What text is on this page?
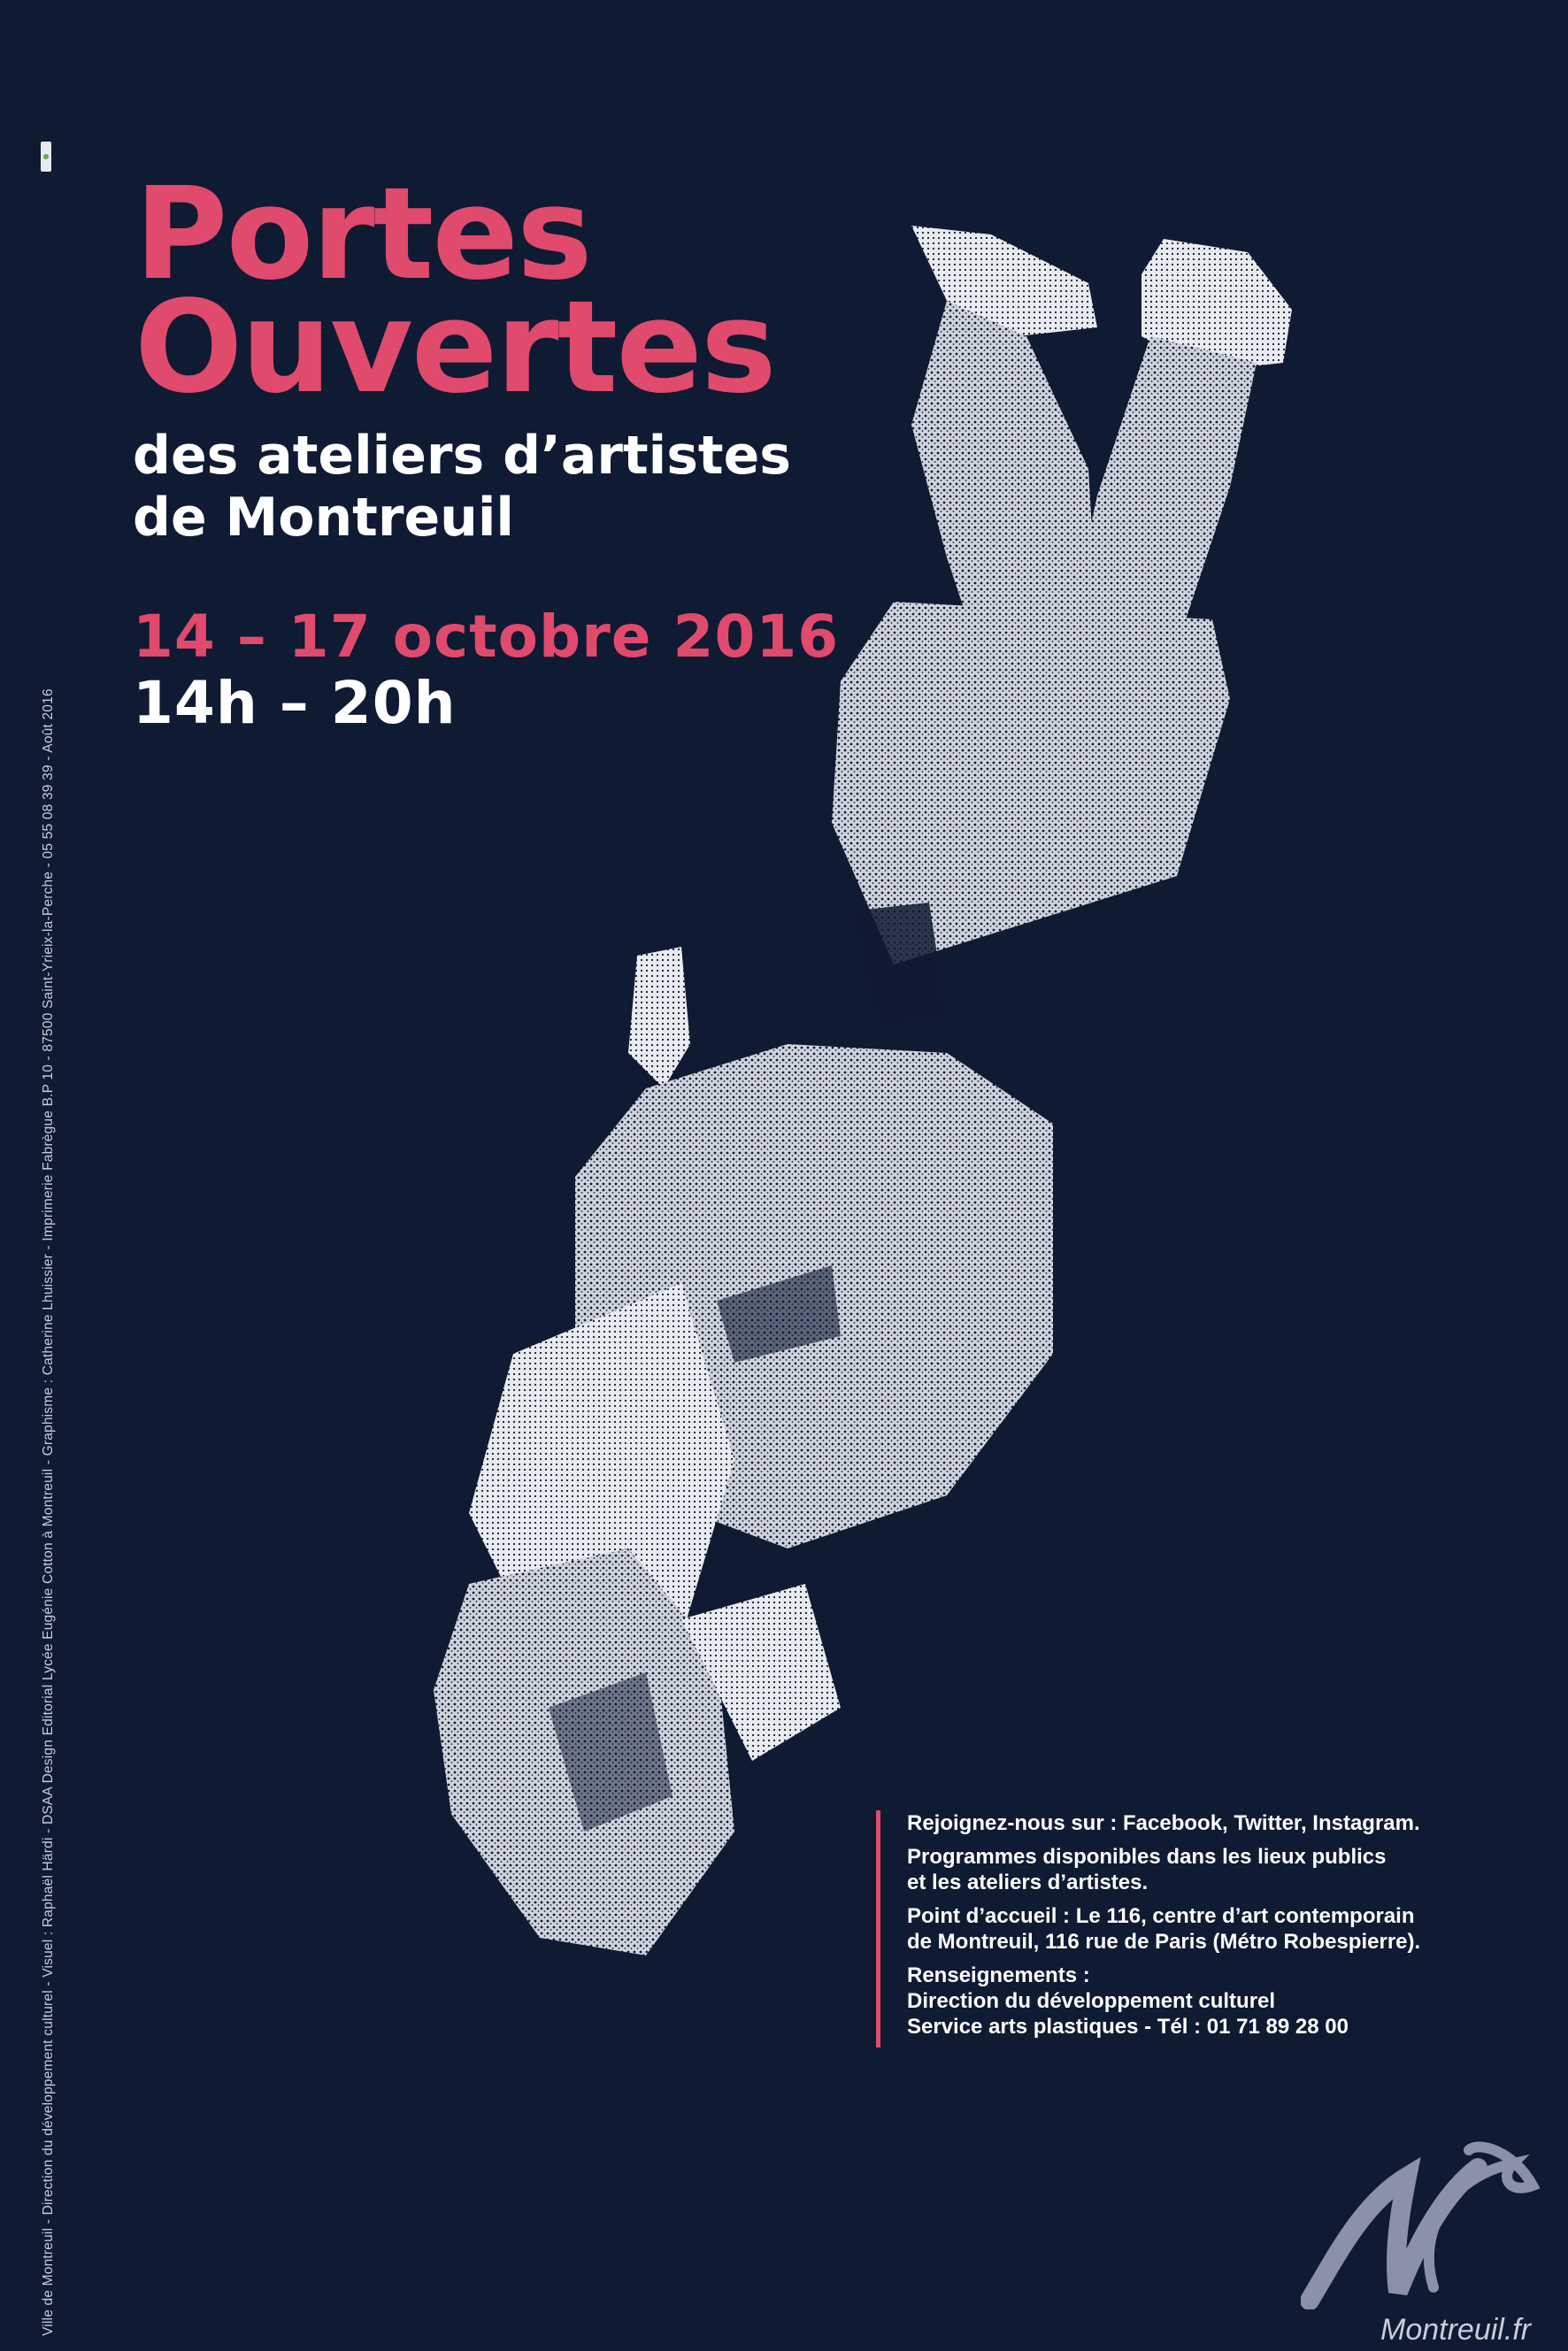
Ville de Montreuil - Direction du développement culturel - Visuel : Raphaël Härdi - DSAA Design Editorial Lycée Eugénie Cotton à Montreuil - Graphisme : Catherine Lhuissier - Imprimerie Fabrègue B.P 10 - 87500 Saint-Yrieix-la-Perche - 05 55 08 39 39 - Août 2016
Portes
Ouvertes
des ateliers d’artistes
de Montreuil
14 – 17 octobre 2016
14h – 20h

Rejoignez-nous sur : Facebook, Twitter, Instagram.

Programmes disponibles dans les lieux publics
et les ateliers d’artistes.

Point d’accueil : Le 116, centre d’art contemporain
de Montreuil, 116 rue de Paris (Métro Robespierre).

Renseignements :
Direction du développement culturel
Service arts plastiques - Tél : 01 71 89 28 00

Montreuil.fr
